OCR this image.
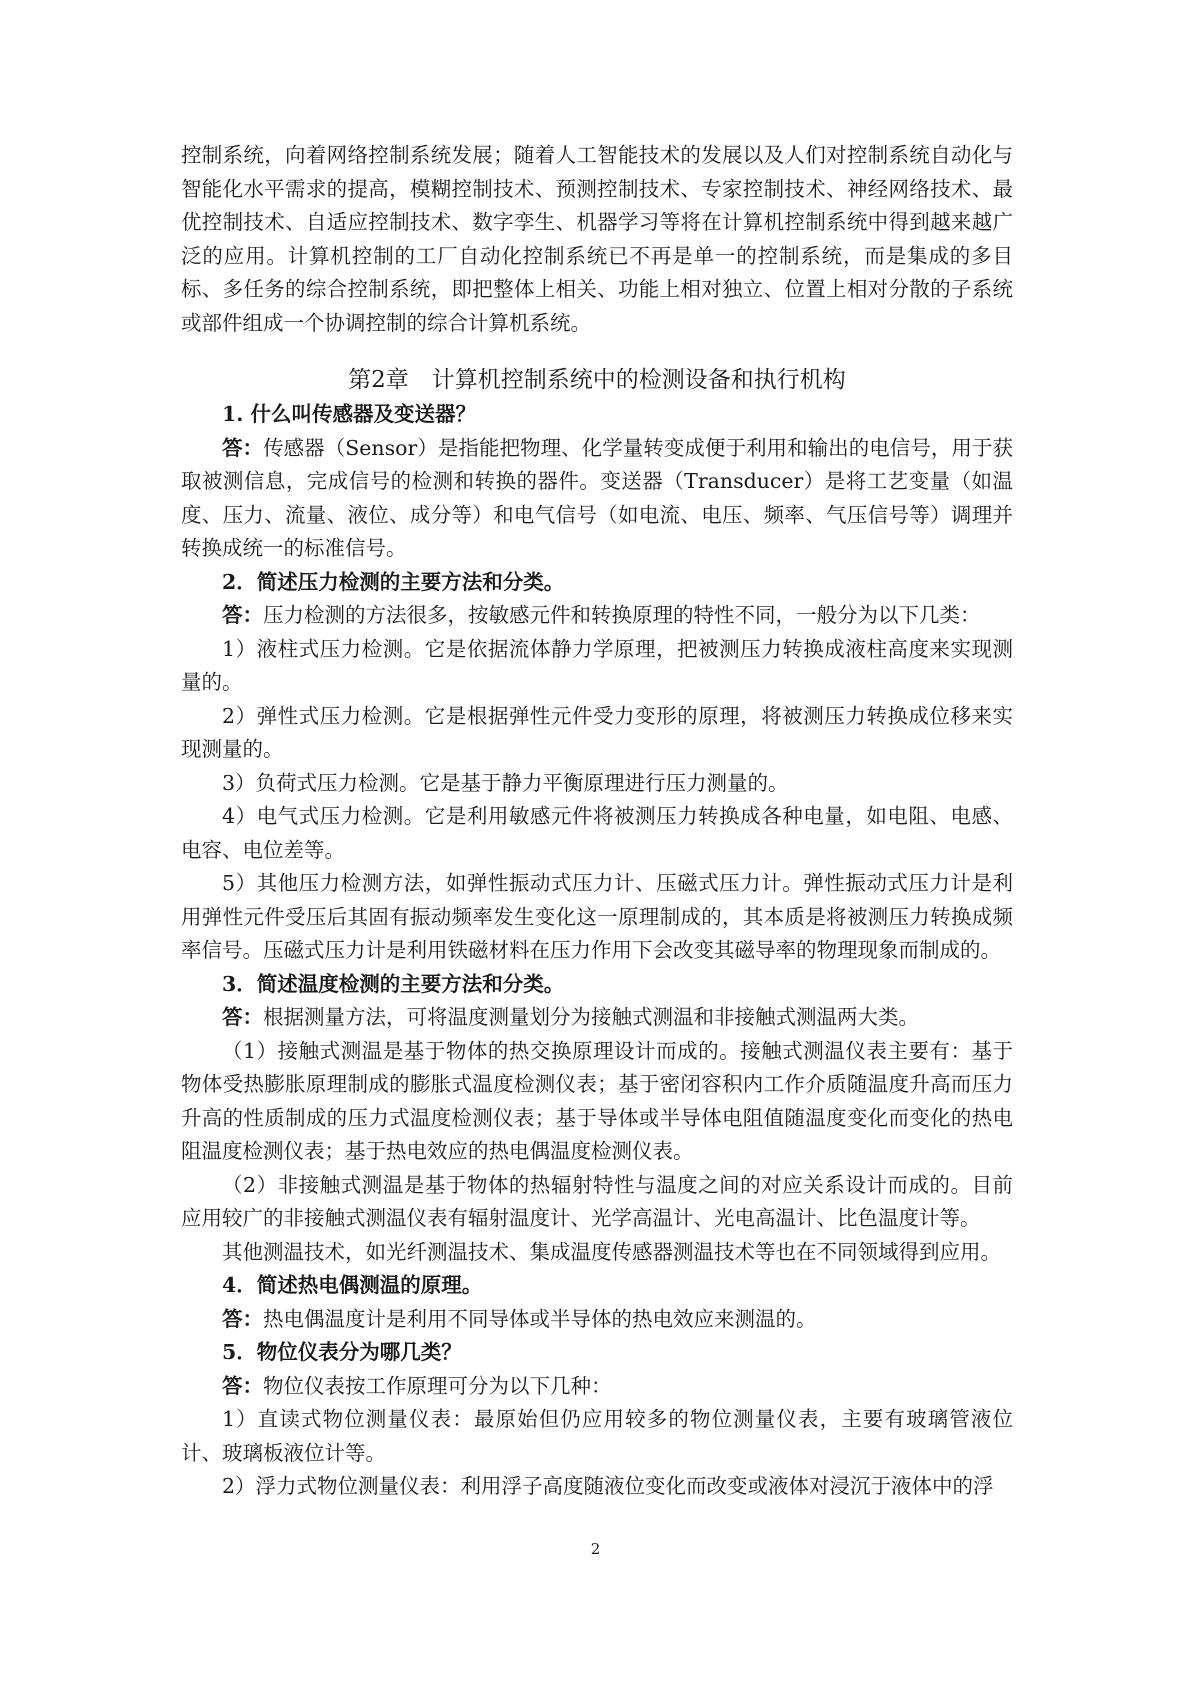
控制系统，向着网络控制系统发展；随着人工智能技术的发展以及人们对控制系统自动化与智能化水平需求的提高，模糊控制技术、预测控制技术、专家控制技术、神经网络技术、最优控制技术、自适应控制技术、数字孪生、机器学习等将在计算机控制系统中得到越来越广泛的应用。计算机控制的工厂自动化控制系统已不再是单一的控制系统，而是集成的多目标、多任务的综合控制系统，即把整体上相关、功能上相对独立、位置上相对分散的子系统或部件组成一个协调控制的综合计算机系统。

第2章　计算机控制系统中的检测设备和执行机构

1. 什么叫传感器及变送器？

答：传感器（Sensor）是指能把物理、化学量转变成便于利用和输出的电信号，用于获取被测信息，完成信号的检测和转换的器件。变送器（Transducer）是将工艺变量（如温度、压力、流量、液位、成分等）和电气信号（如电流、电压、频率、气压信号等）调理并转换成统一的标准信号。

2．简述压力检测的主要方法和分类。

答：压力检测的方法很多，按敏感元件和转换原理的特性不同，一般分为以下几类：

1）液柱式压力检测。它是依据流体静力学原理，把被测压力转换成液柱高度来实现测量的。

2）弹性式压力检测。它是根据弹性元件受力变形的原理，将被测压力转换成位移来实现测量的。

3）负荷式压力检测。它是基于静力平衡原理进行压力测量的。

4）电气式压力检测。它是利用敏感元件将被测压力转换成各种电量，如电阻、电感、电容、电位差等。

5）其他压力检测方法，如弹性振动式压力计、压磁式压力计。弹性振动式压力计是利用弹性元件受压后其固有振动频率发生变化这一原理制成的，其本质是将被测压力转换成频率信号。压磁式压力计是利用铁磁材料在压力作用下会改变其磁导率的物理现象而制成的。

3．简述温度检测的主要方法和分类。

答：根据测量方法，可将温度测量划分为接触式测温和非接触式测温两大类。

（1）接触式测温是基于物体的热交换原理设计而成的。接触式测温仪表主要有：基于物体受热膨胀原理制成的膨胀式温度检测仪表；基于密闭容积内工作介质随温度升高而压力升高的性质制成的压力式温度检测仪表；基于导体或半导体电阻值随温度变化而变化的热电阻温度检测仪表；基于热电效应的热电偶温度检测仪表。

（2）非接触式测温是基于物体的热辐射特性与温度之间的对应关系设计而成的。目前应用较广的非接触式测温仪表有辐射温度计、光学高温计、光电高温计、比色温度计等。

其他测温技术，如光纤测温技术、集成温度传感器测温技术等也在不同领域得到应用。

4．简述热电偶测温的原理。

答：热电偶温度计是利用不同导体或半导体的热电效应来测温的。

5．物位仪表分为哪几类？

答：物位仪表按工作原理可分为以下几种：

1）直读式物位测量仪表：最原始但仍应用较多的物位测量仪表，主要有玻璃管液位计、玻璃板液位计等。

2）浮力式物位测量仪表：利用浮子高度随液位变化而改变或液体对浸沉于液体中的浮

2
